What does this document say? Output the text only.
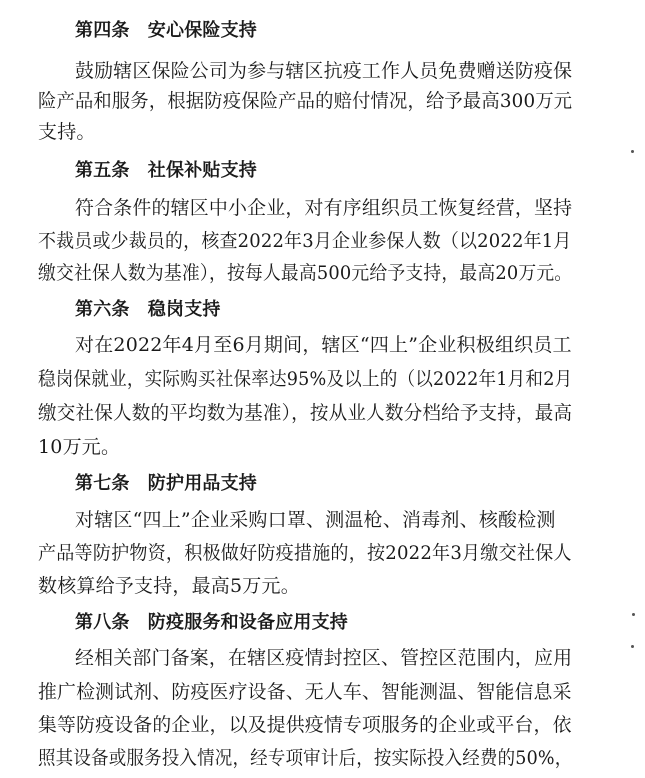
第四条　安心保险支持
鼓励辖区保险公司为参与辖区抗疫工作人员免费赠送防疫保
险产品和服务，根据防疫保险产品的赔付情况，给予最高300万元
支持。
第五条　社保补贴支持
符合条件的辖区中小企业，对有序组织员工恢复经营，坚持
不裁员或少裁员的，核查2022年3月企业参保人数（以2022年1月
缴交社保人数为基准），按每人最高500元给予支持，最高20万元。
第六条　稳岗支持
对在2022年4月至6月期间，辖区“四上”企业积极组织员工
稳岗保就业，实际购买社保率达95%及以上的（以2022年1月和2月
缴交社保人数的平均数为基准），按从业人数分档给予支持，最高
10万元。
第七条　防护用品支持
对辖区“四上”企业采购口罩、测温枪、消毒剂、核酸检测
产品等防护物资，积极做好防疫措施的，按2022年3月缴交社保人
数核算给予支持，最高5万元。
第八条　防疫服务和设备应用支持
经相关部门备案，在辖区疫情封控区、管控区范围内，应用
推广检测试剂、防疫医疗设备、无人车、智能测温、智能信息采
集等防疫设备的企业，以及提供疫情专项服务的企业或平台，依
照其设备或服务投入情况，经专项审计后，按实际投入经费的50%，
